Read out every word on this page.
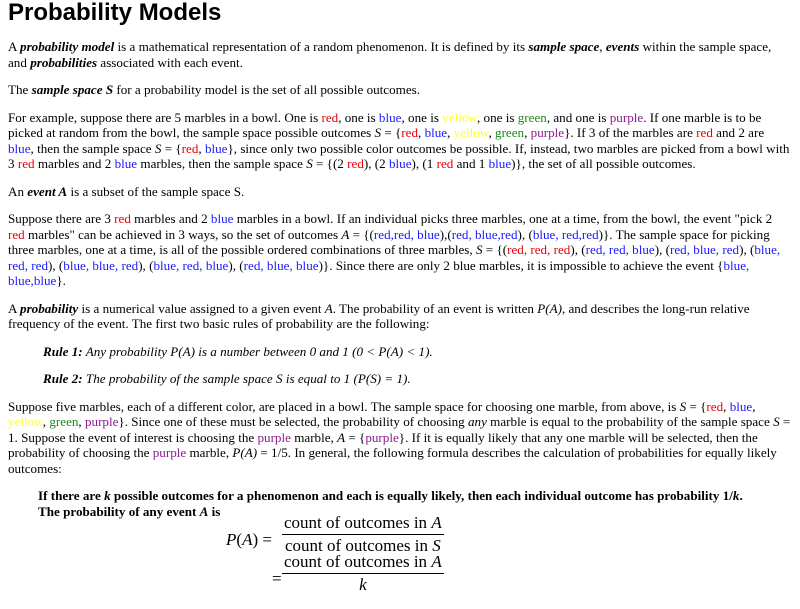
Probability Models

A probability model is a mathematical representation of a random phenomenon. It is defined by its sample space, events within the sample space, and probabilities associated with each event.

The sample space S for a probability model is the set of all possible outcomes.

For example, suppose there are 5 marbles in a bowl. One is red, one is blue, one is yellow, one is green, and one is purple. If one marble is to be picked at random from the bowl, the sample space possible outcomes S = {red, blue, yellow, green, purple}. If 3 of the marbles are red and 2 are blue, then the sample space S = {red, blue}, since only two possible color outcomes be possible. If, instead, two marbles are picked from a bowl with 3 red marbles and 2 blue marbles, then the sample space S = {(2 red), (2 blue), (1 red and 1 blue)}, the set of all possible outcomes.

An event A is a subset of the sample space S.

Suppose there are 3 red marbles and 2 blue marbles in a bowl. If an individual picks three marbles, one at a time, from the bowl, the event "pick 2 red marbles" can be achieved in 3 ways, so the set of outcomes A = {(red,red, blue),(red, blue,red), (blue, red,red)}. The sample space for picking three marbles, one at a time, is all of the possible ordered combinations of three marbles, S = {(red, red, red), (red, red, blue), (red, blue, red), (blue, red, red), (blue, blue, red), (blue, red, blue), (red, blue, blue)}. Since there are only 2 blue marbles, it is impossible to achieve the event {blue, blue,blue}.

A probability is a numerical value assigned to a given event A. The probability of an event is written P(A), and describes the long-run relative frequency of the event. The first two basic rules of probability are the following:

Rule 1: Any probability P(A) is a number between 0 and 1 (0 < P(A) < 1).
Rule 2: The probability of the sample space S is equal to 1 (P(S) = 1).

Suppose five marbles, each of a different color, are placed in a bowl. The sample space for choosing one marble, from above, is S = {red, blue, yellow, green, purple}. Since one of these must be selected, the probability of choosing any marble is equal to the probability of the sample space S = 1. Suppose the event of interest is choosing the purple marble, A = {purple}. If it is equally likely that any one marble will be selected, then the probability of choosing the purple marble, P(A) = 1/5. In general, the following formula describes the calculation of probabilities for equally likely outcomes:

If there are k possible outcomes for a phenomenon and each is equally likely, then each individual outcome has probability 1/k.
The probability of any event A is
P(A) =
count of outcomes in A
count of outcomes in S
=
count of outcomes in A
k
